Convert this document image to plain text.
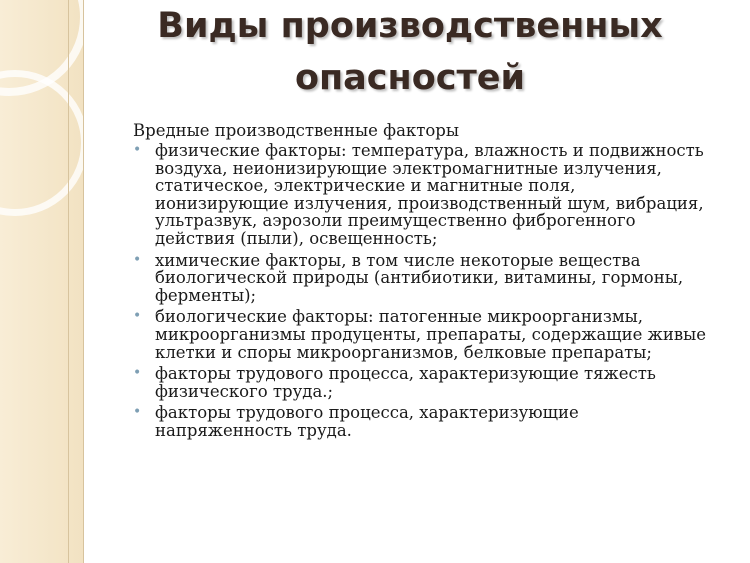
Виды производственных
опасностей

Вредные производственные факторы

• физические факторы: температура, влажность и подвижность воздуха, неионизирующие электромагнитные излучения, статическое, электрические и магнитные поля, ионизирующие излучения, производственный шум, вибрация, ультразвук, аэрозоли преимущественно фиброгенного действия (пыли), освещенность;
• химические факторы, в том числе некоторые вещества биологической природы (антибиотики, витамины, гормоны, ферменты);
• биологические факторы: патогенные микроорганизмы, микроорганизмы продуценты, препараты, содержащие живые клетки и споры микроорганизмов, белковые препараты;
• факторы трудового процесса, характеризующие тяжесть физического труда.;
• факторы трудового процесса, характеризующие напряженность труда.
